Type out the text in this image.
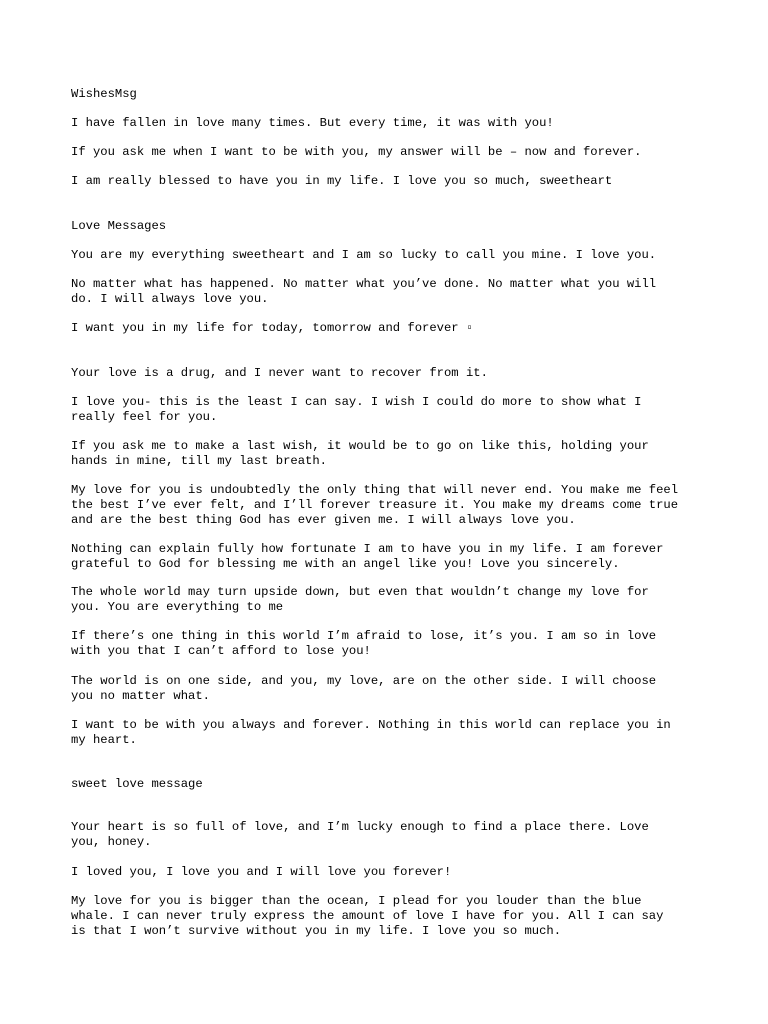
WishesMsg

I have fallen in love many times. But every time, it was with you!

If you ask me when I want to be with you, my answer will be – now and forever.

I am really blessed to have you in my life. I love you so much, sweetheart

Love Messages

You are my everything sweetheart and I am so lucky to call you mine. I love you.

No matter what has happened. No matter what you’ve done. No matter what you will
do. I will always love you.

I want you in my life for today, tomorrow and forever ▫

Your love is a drug, and I never want to recover from it.

I love you- this is the least I can say. I wish I could do more to show what I
really feel for you.

If you ask me to make a last wish, it would be to go on like this, holding your
hands in mine, till my last breath.

My love for you is undoubtedly the only thing that will never end. You make me feel
the best I’ve ever felt, and I’ll forever treasure it. You make my dreams come true
and are the best thing God has ever given me. I will always love you.

Nothing can explain fully how fortunate I am to have you in my life. I am forever
grateful to God for blessing me with an angel like you! Love you sincerely.

The whole world may turn upside down, but even that wouldn’t change my love for
you. You are everything to me

If there’s one thing in this world I’m afraid to lose, it’s you. I am so in love
with you that I can’t afford to lose you!

The world is on one side, and you, my love, are on the other side. I will choose
you no matter what.

I want to be with you always and forever. Nothing in this world can replace you in
my heart.

sweet love message

Your heart is so full of love, and I’m lucky enough to find a place there. Love
you, honey.

I loved you, I love you and I will love you forever!

My love for you is bigger than the ocean, I plead for you louder than the blue
whale. I can never truly express the amount of love I have for you. All I can say
is that I won’t survive without you in my life. I love you so much.
